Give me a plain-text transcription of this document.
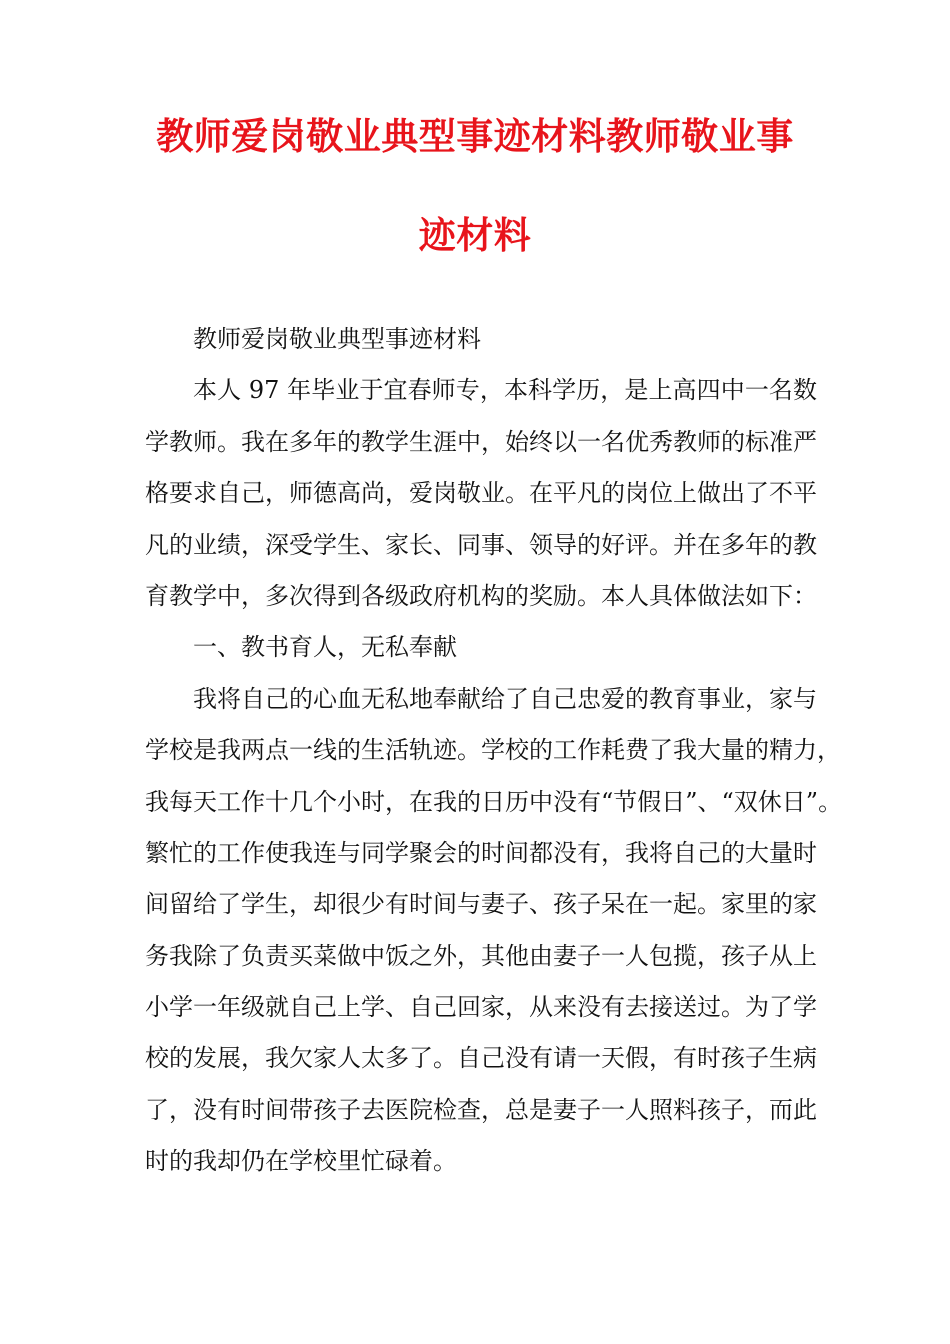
教师爱岗敬业典型事迹材料教师敬业事
迹材料
教师爱岗敬业典型事迹材料
本人 97 年毕业于宜春师专，本科学历，是上高四中一名数
学教师。我在多年的教学生涯中，始终以一名优秀教师的标准严
格要求自己，师德高尚，爱岗敬业。在平凡的岗位上做出了不平
凡的业绩，深受学生、家长、同事、领导的好评。并在多年的教
育教学中，多次得到各级政府机构的奖励。本人具体做法如下：
一、教书育人，无私奉献
我将自己的心血无私地奉献给了自己忠爱的教育事业，家与
学校是我两点一线的生活轨迹。学校的工作耗费了我大量的精力，
我每天工作十几个小时，在我的日历中没有“节假日”、“双休日”。
繁忙的工作使我连与同学聚会的时间都没有，我将自己的大量时
间留给了学生，却很少有时间与妻子、孩子呆在一起。家里的家
务我除了负责买菜做中饭之外，其他由妻子一人包揽，孩子从上
小学一年级就自己上学、自己回家，从来没有去接送过。为了学
校的发展，我欠家人太多了。自己没有请一天假，有时孩子生病
了，没有时间带孩子去医院检查，总是妻子一人照料孩子，而此
时的我却仍在学校里忙碌着。
